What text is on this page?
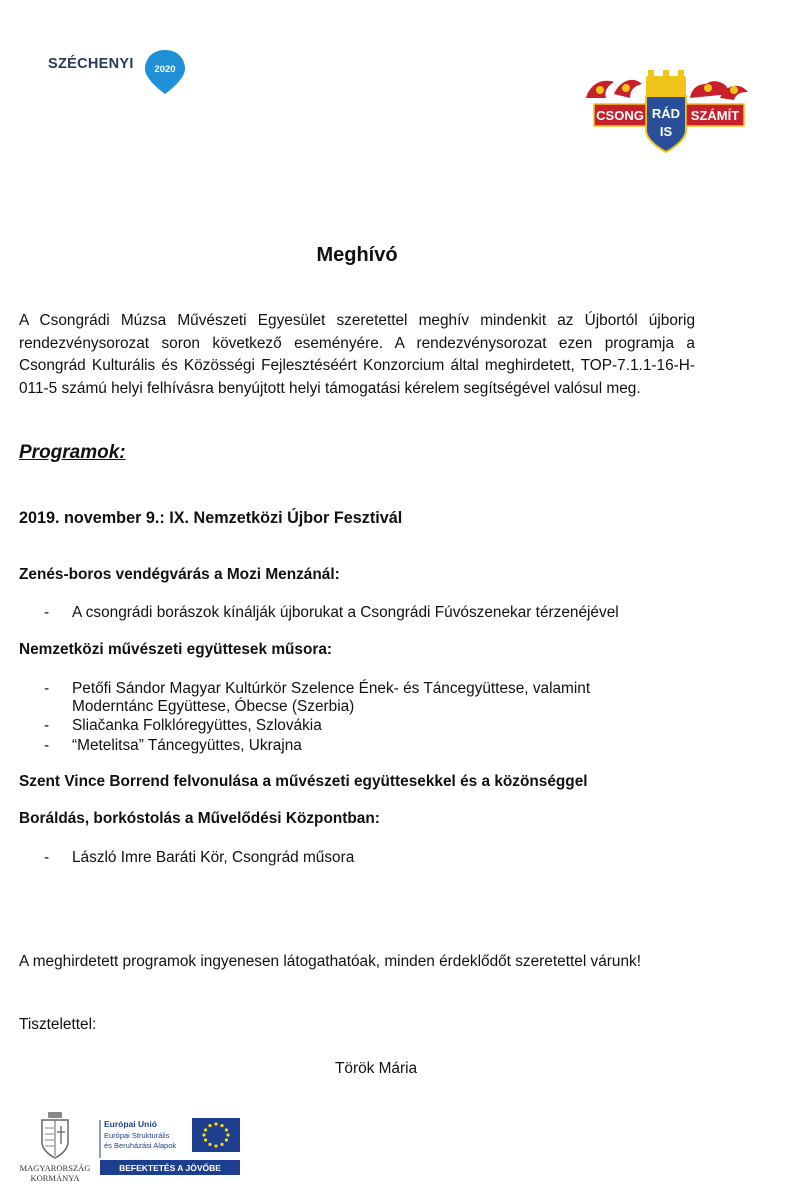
SZÉCHENYI 2020
CSONG RÁD SZÁMÍT
IS
Meghívó
A Csongrádi Múzsa Művészeti Egyesület szeretettel meghív mindenkit az Újbortól újborig rendezvénysorozat soron következő eseményére. A rendezvénysorozat ezen programja a Csongrád Kulturális és Közösségi Fejlesztéséért Konzorcium által meghirdetett, TOP-7.1.1-16-H-011-5 számú helyi felhívásra benyújtott helyi támogatási kérelem segítségével valósul meg.
Programok:
2019. november 9.: IX. Nemzetközi Újbor Fesztivál
Zenés-boros vendégvárás a Mozi Menzánál:
- A csongrádi borászok kínálják újborukat a Csongrádi Fúvószenekar térzenéjével
Nemzetközi művészeti együttesek műsora:
- Petőfi Sándor Magyar Kultúrkör Szelence Ének- és Táncegyüttese, valamint
Moderntánc Együttese, Óbecse (Szerbia)
- Sliačanka Folklóregyüttes, Szlovákia
- “Metelitsa” Táncegyüttes, Ukrajna
Szent Vince Borrend felvonulása a művészeti együttesekkel és a közönséggel
Boráldás, borkóstolás a Művelődési Központban:
- László Imre Baráti Kör, Csongrád műsora
A meghirdetett programok ingyenesen látogathatóak, minden érdeklődőt szeretettel várunk!
Tisztelettel:
Török Mária
MAGYARORSZÁG
KORMÁNYA
Európai Unió
Európai Strukturális
és Beruházási Alapok
BEFEKTETÉS A JÖVŐBE
